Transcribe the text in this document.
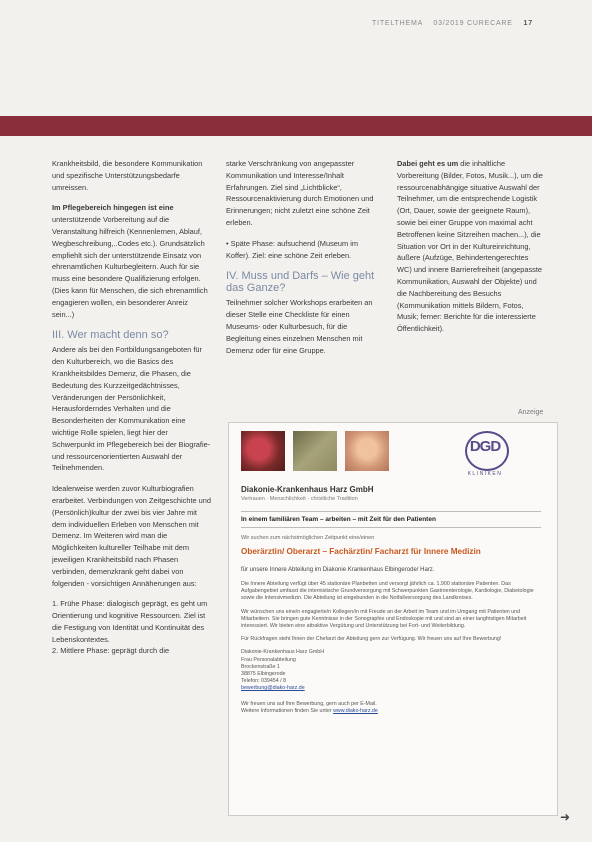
TITELTHEMA 03/2019 CURECARE 17

Krankheitsbild, die besondere Kommunikation und spezifische Unterstützungsbedarfe umreissen.

Im Pflegebereich hingegen ist eine unterstützende Vorbereitung auf die Veranstaltung hilfreich (Kennenlernen, Ablauf, Wegbeschreibung,..Codes etc.). Grundsätzlich empfiehlt sich der unterstützende Einsatz von ehrenamtlichen Kulturbegleitern. Auch für sie muss eine besondere Qualifizierung erfolgen. (Dies kann für Menschen, die sich ehrenamtlich engagieren wollen, ein besonderer Anreiz sein...)

III. Wer macht denn so?

Andere als bei den Fortbildungsangeboten für den Kulturbereich, wo die Basics des Krankheitsbildes Demenz, die Phasen, die Bedeutung des Kurzzeitgedächtnisses, Veränderungen der Persönlichkeit, Herausforderndes Verhalten und die Besonderheiten der Kommunikation eine wichtige Rolle spielen, liegt hier der Schwerpunkt im Pflegebereich bei der Biografie- und ressourcenorientierten Auswahl der Teilnehmenden.

Idealerweise werden zuvor Kulturbiografien erarbeitet. Verbindungen von Zeitgeschichte und (Persönlich)kultur der zwei bis vier Jahre mit dem individuellen Erleben von Menschen mit Demenz. Im Weiteren wird man die Möglichkeiten kultureller Teilhabe mit dem jeweiligen Krankheitsbild nach Phasen verbinden, demenzkrank geht dabei von folgenden - vorsichtigen Annäherungen aus:

1. Frühe Phase: dialogisch geprägt, es geht um Orientierung und kognitive Ressourcen. Ziel ist die Festigung von Identität und Kontinuität des Lebenskontextes.

2. Mittlere Phase: geprägt durch die

starke Verschränkung von angepasster Kommunikation und Interesse/Inhalt Erfahrungen. Ziel sind „Lichtblicke“, Ressourcenaktivierung durch Emotionen und Erinnerungen; nicht zuletzt eine schöne Zeit erleben.

• Späte Phase: aufsuchend (Museum im Koffer). Ziel: eine schöne Zeit erleben.

IV. Muss und Darfs – Wie geht das Ganze?

Teilnehmer solcher Workshops erarbeiten an dieser Stelle eine Checkliste für einen Museums- oder Kulturbesuch, für die Begleitung eines einzelnen Menschen mit Demenz oder für eine Gruppe.

Dabei geht es um die inhaltliche Vorbereitung (Bilder, Fotos, Musik...), um die ressourcenabhängige situative Auswahl der Teilnehmer, um die entsprechende Logistik (Ort, Dauer, sowie der geeignete Raum), sowie bei einer Gruppe von maximal acht Betroffenen keine Sitzreihen machen...), die Situation vor Ort in der Kultureinrichtung, äußere (Aufzüge, Behindertengerechtes WC) und innere Barrierefreiheit (angepasste Kommunikation, Auswahl der Objekte) und die Nachbereitung des Besuchs (Kommunikation mittels Bildern, Fotos, Musik; ferner: Berichte für die interessierte Öffentlichkeit).

Anzeige
DGD
KLINIKEN
Diakonie-Krankenhaus Harz GmbH
Vertrauen · Menschlichkeit · christliche Tradition
In einem familiären Team – arbeiten – mit Zeit für den Patienten
Wir suchen zum nächstmöglichen Zeitpunkt eine/einen
Oberärztin/ Oberarzt – Fachärztin/ Facharzt für Innere Medizin
für unsere Innere Abteilung im Diakonie Krankenhaus Elbingerode/ Harz.

Die Innere Abteilung verfügt über 45 stationäre Planbetten und versorgt jährlich ca. 1.900 stationäre Patienten. Das Aufgabengebiet umfasst die internistische Grundversorgung mit Schwerpunkten Gastroenterologie, Kardiologie, Diabetologie sowie die Intensivmedizin. Die Abteilung ist eingebunden in die Notfallversorgung des Landkreises.

Wir wünschen uns eine/n engagierte/n Kollegen/in mit Freude an der Arbeit im Team und im Umgang mit Patienten und Mitarbeitern. Sie bringen gute Kenntnisse in der Sonographie und Endoskopie mit und sind an einer langfristigen Mitarbeit interessiert. Wir bieten eine attraktive Vergütung und Unterstützung bei Fort- und Weiterbildung.

Für Rückfragen steht Ihnen der Chefarzt der Abteilung gern zur Verfügung. Wir freuen uns auf Ihre Bewerbung!

Diakonie-Krankenhaus Harz GmbH
Frau Personalabteilung
Brockenstraße 1
38875 Elbingerode
Telefon: 039454 / 8
bewerbung@diako-harz.de

Wir freuen uns auf Ihre Bewerbung, gern auch per E-Mail.
Weitere Informationen finden Sie unter www.diako-harz.de

➜
